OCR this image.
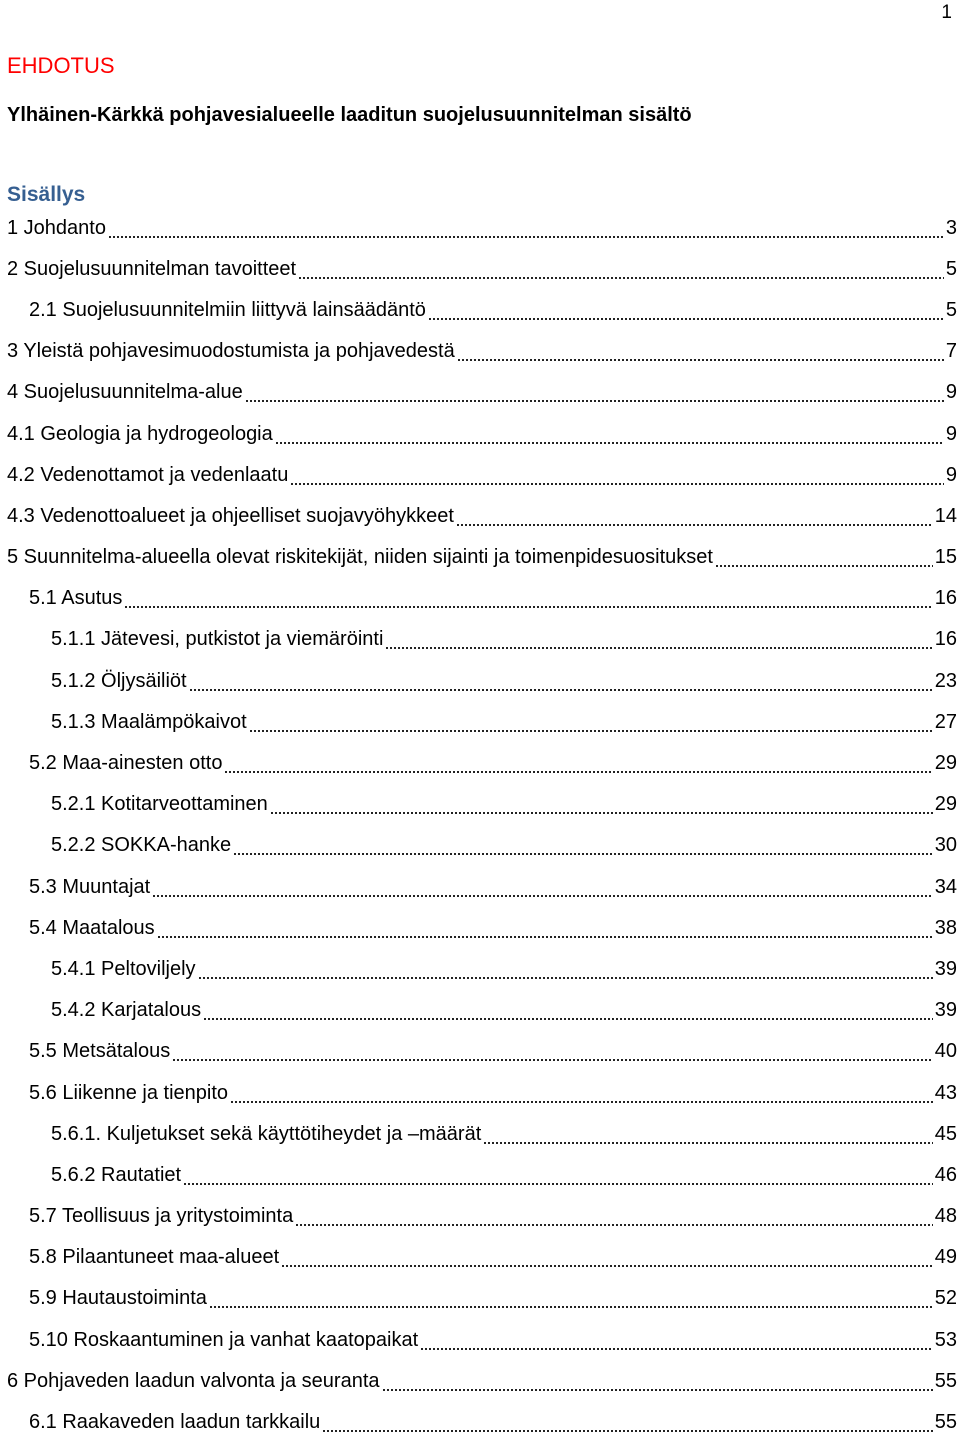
1
EHDOTUS
Ylhäinen-Kärkkä pohjavesialueelle laaditun suojelusuunnitelman sisältö
Sisällys
1 Johdanto	3
2 Suojelusuunnitelman tavoitteet	5
2.1 Suojelusuunnitelmiin liittyvä lainsäädäntö	5
3 Yleistä pohjavesimuodostumista ja pohjavedestä	7
4 Suojelusuunnitelma-alue	9
4.1 Geologia ja hydrogeologia	9
4.2 Vedenottamot ja vedenlaatu	9
4.3 Vedenottoalueet ja ohjeelliset suojavyöhykkeet	14
5 Suunnitelma-alueella olevat riskitekijät, niiden sijainti ja toimenpidesuositukset	15
5.1 Asutus	16
5.1.1 Jätevesi, putkistot ja viemäröinti	16
5.1.2 Öljysäiliöt	23
5.1.3 Maalämpökaivot	27
5.2 Maa-ainesten otto	29
5.2.1 Kotitarveottaminen	29
5.2.2 SOKKA-hanke	30
5.3 Muuntajat	34
5.4 Maatalous	38
5.4.1 Peltoviljely	39
5.4.2 Karjatalous	39
5.5 Metsätalous	40
5.6 Liikenne ja tienpito	43
5.6.1. Kuljetukset sekä käyttötiheydet ja –määrät	45
5.6.2 Rautatiet	46
5.7 Teollisuus ja yritystoiminta	48
5.8 Pilaantuneet maa-alueet	49
5.9 Hautaustoiminta	52
5.10 Roskaantuminen ja vanhat kaatopaikat	53
6 Pohjaveden laadun valvonta ja seuranta	55
6.1 Raakaveden laadun tarkkailu	55
